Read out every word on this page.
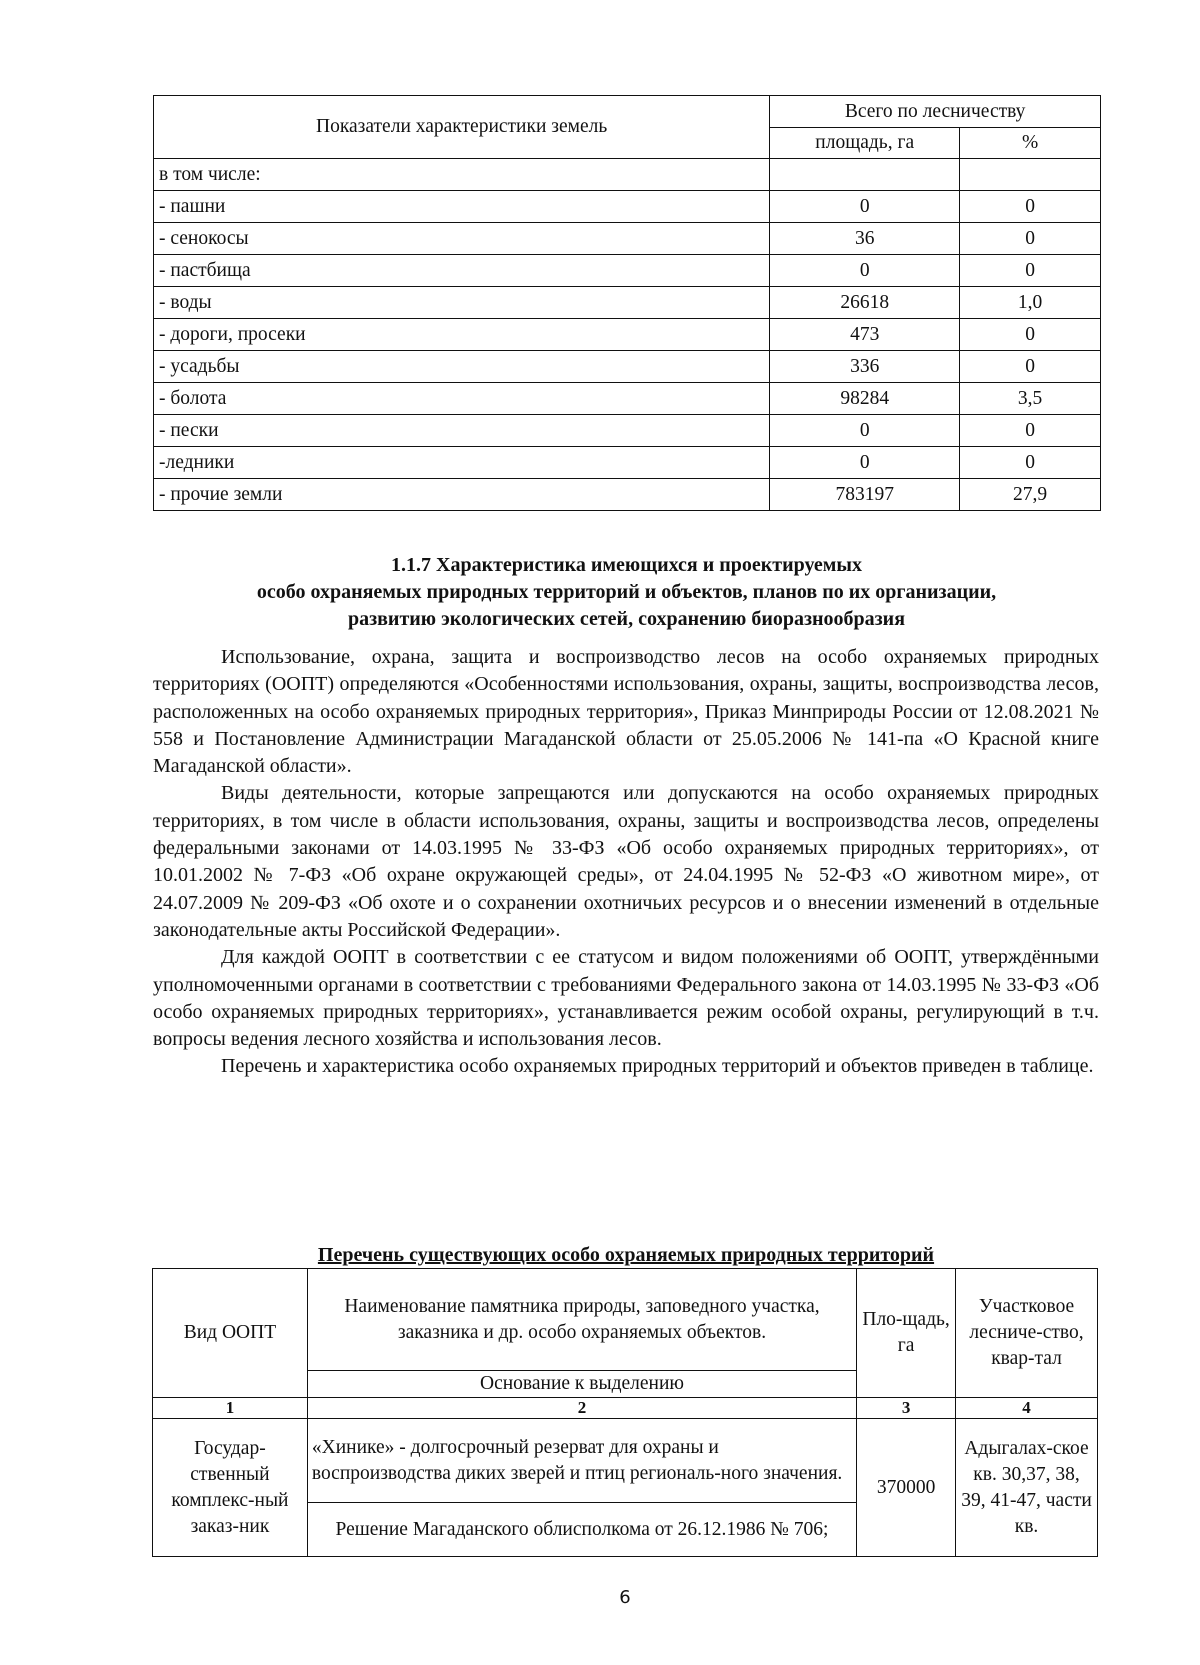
Показатели характеристики земель	Всего по лесничеству	
	площадь, га	%
в том числе:		
- пашни	0	0
- сенокосы	36	0
- пастбища	0	0
- воды	26618	1,0
- дороги, просеки	473	0
- усадьбы	336	0
- болота	98284	3,5
- пески	0	0
-ледники	0	0
- прочие земли	783197	27,9
1.1.7 Характеристика имеющихся и проектируемых
особо охраняемых природных территорий и объектов, планов по их организации,
развитию экологических сетей, сохранению биоразнообразия

Использование, охрана, защита и воспроизводство лесов на особо охраняемых природных территориях (ООПТ) определяются «Особенностями использования, охраны, защиты, воспроизводства лесов, расположенных на особо охраняемых природных территория», Приказ Минприроды России от 12.08.2021 № 558 и Постановление Администрации Магаданской области от 25.05.2006 № 141-па «О Красной книге Магаданской области».

Виды деятельности, которые запрещаются или допускаются на особо охраняемых природных территориях, в том числе в области использования, охраны, защиты и воспроизводства лесов, определены федеральными законами от 14.03.1995 № 33-ФЗ «Об особо охраняемых природных территориях», от 10.01.2002 № 7-ФЗ «Об охране окружающей среды», от 24.04.1995 № 52-ФЗ «О животном мире», от 24.07.2009 № 209-ФЗ «Об охоте и о сохранении охотничьих ресурсов и о внесении изменений в отдельные законодательные акты Российской Федерации».

Для каждой ООПТ в соответствии с ее статусом и видом положениями об ООПТ, утверждёнными уполномоченными органами в соответствии с требованиями Федерального закона от 14.03.1995 № 33-ФЗ «Об особо охраняемых природных территориях», устанавливается режим особой охраны, регулирующий в т.ч. вопросы ведения лесного хозяйства и использования лесов.

Перечень и характеристика особо охраняемых природных территорий и объектов приведен в таблице.

Перечень существующих особо охраняемых природных территорий
Вид ООПТ	Наименование памятника природы, заповедного участка, заказника и др. особо охраняемых объектов.	Пло-щадь, га	Участковое лесниче-ство, квар-тал
	Основание к выделению		
1	2	3	4
Государ-ственный комплекс-ный заказ-ник	«Хинике» - долгосрочный резерват для охраны и воспроизводства диких зверей и птиц региональ-ного значения.	370000	Адыгалах-ское кв. 30,37, 38, 39, 41-47, части кв.
	Решение Магаданского облисполкома от 26.12.1986 № 706;		
6
